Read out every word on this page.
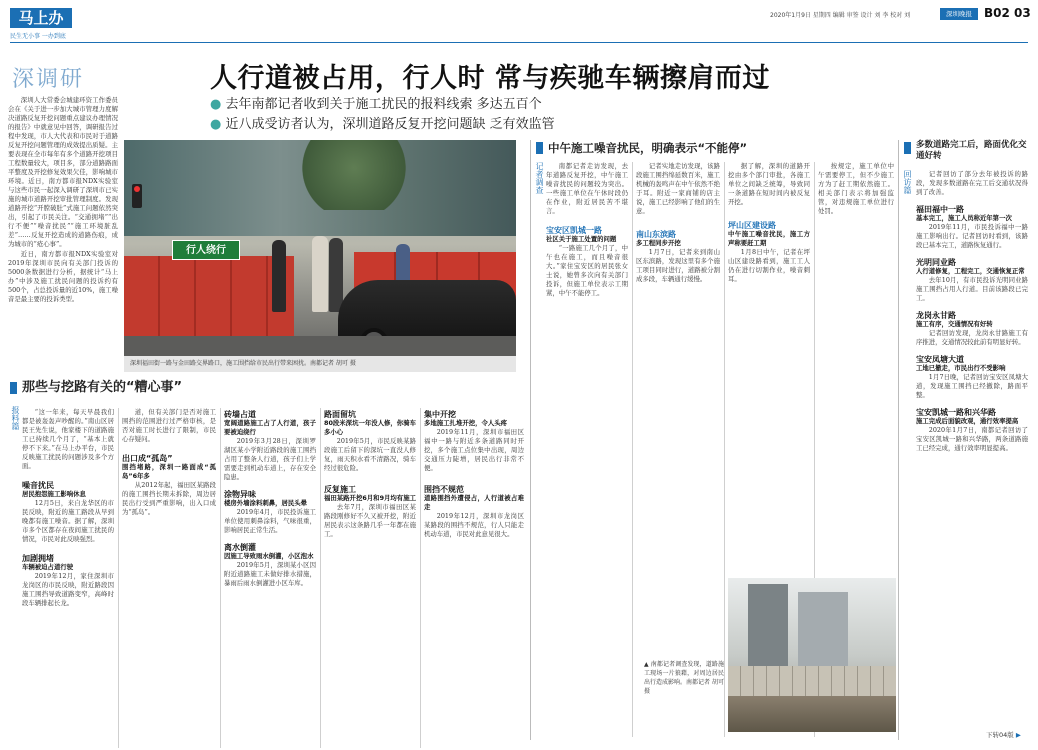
马上办
民生无小事 一办到底
2020年1月9日 星期四 编辑 审签 设计 刘 李 校对 刘	深圳晚报	B02 03
深调研

深圳人大常委会城建环资工作委员会在《关于进一步加大城市管理力度解决道路反复开挖问题重点建议办理情况的报告》中就意见中回答，调研报告过程中发现，市人大代表和市民对于道路反复开挖问题管理的成效提出质疑。主要表现在全市每年有多个道路开挖项目工程数量较大，项目多，部分道路路面平整度及开挖修复效果欠佳，影响城市环境。近日，南方都市报NDX实验室与这些市民一起深入调研了深圳市已实施的城市道路开挖审批管理制度。发现道路开挖“开膛破肚”式施工问题依然突出，引起了市民关注。“交通拥堵”“出行不便”“噪音扰民”“施工环境脏乱差”……反复开挖造成的道路伤痕，成为城市的“疮心事”。

近日，南方都市报NDX实验室对2019年深圳市民向有关部门投诉的5000条数据进行分析，据统计“马上办”中涉及施工扰民问题的投诉约有500个，占总投诉量的近10%，施工噪音是最主要的投诉类型。

人行道被占用，行人时 常与疾驰车辆擦肩而过
● 去年南都记者收到关于施工扰民的报料线索 多达五百个
● 近八成受访者认为，深圳道路反复开挖问题缺 乏有效监管
行人绕行
深圳福田街一路与金田路交界路口，施工围挡给市民出行带来困扰。南都记者 胡可 摄
那些与挖路有关的“糟心事”
报料篇	“这一年来，每天早晨我们都是被轰轰声吵醒的。”南山区居民王先生说，他家楼下的道路施工已持续几个月了，“基本上就停不下来。”在马上办平台，市民反映施工扰民的问题涉及多个方面。

噪音扰民
居民抱怨施工影响休息

12月5日，来自龙华区的市民反映，附近的施工路段从早到晚都有施工噪音。据了解，深圳市多个区都存在夜间施工扰民的情况，市民对此反映强烈。

加剧拥堵
车辆被迫占道行驶

2019年12月，家住深圳市龙岗区的市民反映，附近路段因施工围挡导致道路变窄，高峰时段车辆排起长龙。

道，但有关部门是否对施工围挡的范围进行过严格审核，是否对施工时长进行了限制，市民心存疑问。

出口成“孤岛”
围挡堵路，深圳一路面成“孤岛”6年多

从2012年起，福田区某路段的施工围挡长期未拆除，周边居民出行受到严重影响，出入口成为“孤岛”。

砖墙占道
宽阔道路施工占了人行道，孩子要被迫绕行

2019年3月28日，深圳罗湖区某小学附近路段的施工围挡占用了整条人行道，孩子们上学需要走到机动车道上，存在安全隐患。

涂物异味
楼房外墙涂料刺鼻，居民头晕

2019年4月，市民投诉施工单位使用刺鼻涂料，气味很重，影响居民正常生活。

离水倒灌
因施工导致雨水倒灌，小区泡水

2019年5月，深圳某小区因附近道路施工未做好排水措施，暴雨后雨水倒灌进小区车库。

路面留坑
80段米深坑一年没人修，你骑车多小心

2019年5月，市民反映某路段施工后留下的深坑一直没人修复，雨天积水看不清路况，骑车经过很危险。

反复施工
福田某路开挖6月和9月均有施工

去年7月，深圳市福田区某路段刚修好不久又被开挖，附近居民表示这条路几乎一年都在施工。

集中开挖
多地施工扎堆开挖，令人头疼

2019年11月，深圳市福田区福中一路与附近多条道路同时开挖，多个施工点位集中出现，周边交通压力陡增，居民出行非常不便。

围挡不规范
道路围挡外遭侵占，人行道被占难走

2019年12月，深圳市龙岗区某路段的围挡不规范，行人只能走机动车道，市民对此意见很大。

中午施工噪音扰民，明确表示“不能停”
记者调查	南都记者走访发现，去年道路反复开挖，中午施工噪音扰民的问题较为突出。一些施工单位在午休时段仍在作业，附近居民苦不堪言。

宝安区凯城一路
社区关于施工处置的问题

“一路施工几个月了，中午也在施工，而且噪音很大。”家住宝安区的居民张女士说，她曾多次向有关部门投诉，但施工单位表示工期紧，中午不能停工。

记者实地走访发现，该路段施工围挡绵延数百米，施工机械的轰鸣声在中午依然不绝于耳。附近一家商铺的店主说，施工已经影响了他们的生意。

南山东滨路
多工程同步开挖

1月7日，记者来到南山区东滨路，发现这里有多个施工项目同时进行，道路被分割成多段，车辆通行缓慢。

据了解，深圳的道路开挖由多个部门审批，各施工单位之间缺乏统筹，导致同一条道路在短时间内被反复开挖。

坪山区建设路
中午施工噪音扰民，施工方声称要赶工期

1月8日中午，记者在坪山区建设路看到，施工工人仍在进行切割作业，噪音刺耳。

按规定，施工单位中午需要停工，但不少施工方为了赶工期依然施工。相关部门表示将加强监管，对违规施工单位进行处罚。

▲ 南都记者调查发现，道路施工现场一片狼藉，对周边居民出行造成影响。南都记者 胡可 摄
多数道路完工后，路面优化交通好转
回访篇	记者回访了部分去年被投诉的路段，发现多数道路在完工后交通状况得到了改善。

福田福中一路
基本完工，施工人员称近年第一次

2019年11月，市民投诉福中一路施工影响出行。记者回访时看到，该路段已基本完工，道路恢复通行。

光明同业路
人行道修复，工程完工，交通恢复正常

去年10月，有市民投诉光明同业路施工围挡占用人行道。目前该路段已完工。

龙岗永甘路
施工有序，交通情况有好转

记者回访发现，龙岗永甘路施工有序推进，交通情况较此前有明显好转。

宝安凤塘大道
工地已撤走，市民出行不受影响

1月7日晚，记者回访宝安区凤塘大道，发现施工围挡已经撤除，路面平整。

宝安凯城一路和兴华路
施工完成后面貌改观，通行效率提高

2020年1月7日，南都记者回访了宝安区凯城一路和兴华路，两条道路施工已经完成，通行效率明显提高。

下转04版 ▶
